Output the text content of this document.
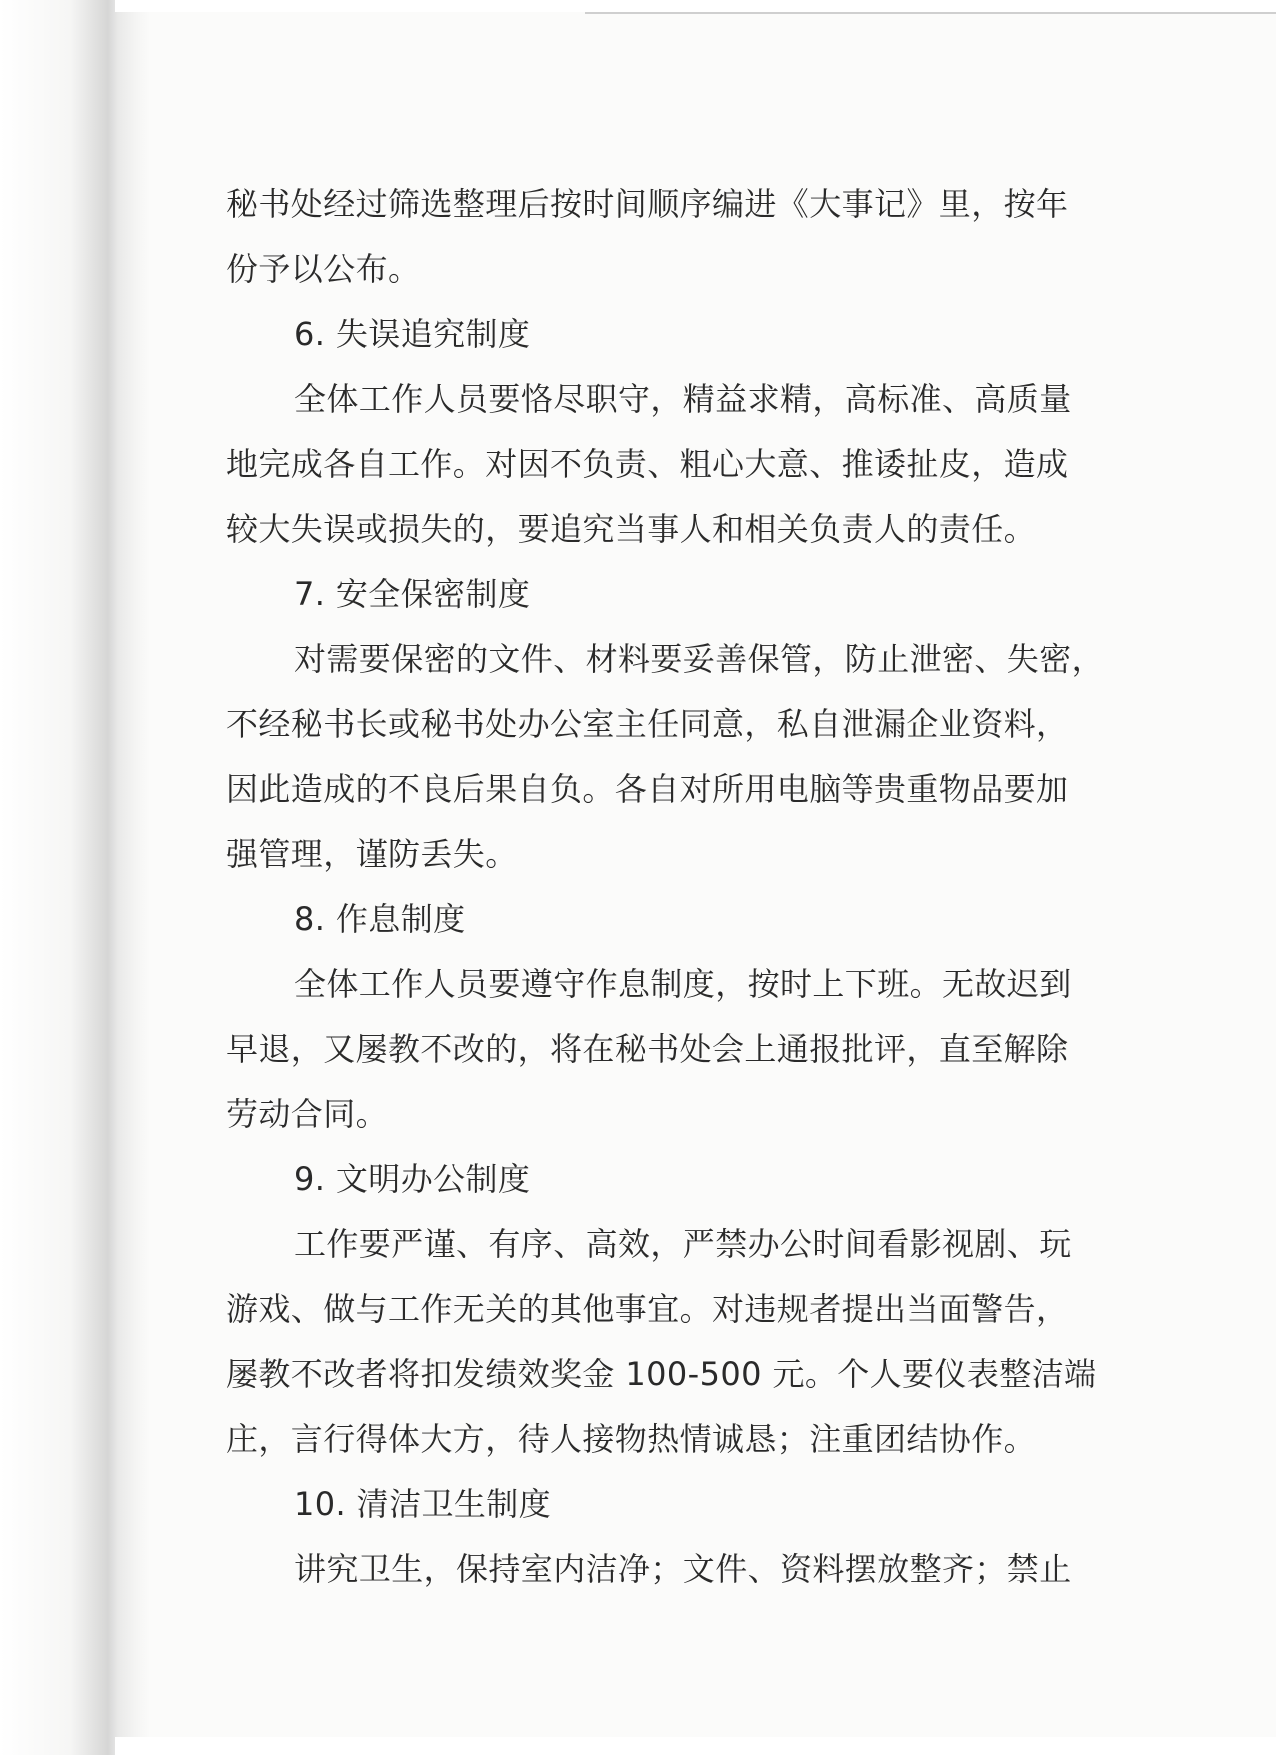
秘书处经过筛选整理后按时间顺序编进《大事记》里，按年
份予以公布。
6. 失误追究制度
全体工作人员要恪尽职守，精益求精，高标准、高质量
地完成各自工作。对因不负责、粗心大意、推诿扯皮，造成
较大失误或损失的，要追究当事人和相关负责人的责任。
7. 安全保密制度
对需要保密的文件、材料要妥善保管，防止泄密、失密，
不经秘书长或秘书处办公室主任同意，私自泄漏企业资料，
因此造成的不良后果自负。各自对所用电脑等贵重物品要加
强管理，谨防丢失。
8. 作息制度
全体工作人员要遵守作息制度，按时上下班。无故迟到
早退，又屡教不改的，将在秘书处会上通报批评，直至解除
劳动合同。
9. 文明办公制度
工作要严谨、有序、高效，严禁办公时间看影视剧、玩
游戏、做与工作无关的其他事宜。对违规者提出当面警告，
屡教不改者将扣发绩效奖金 100-500 元。个人要仪表整洁端
庄，言行得体大方，待人接物热情诚恳；注重团结协作。
10. 清洁卫生制度
讲究卫生，保持室内洁净；文件、资料摆放整齐；禁止
